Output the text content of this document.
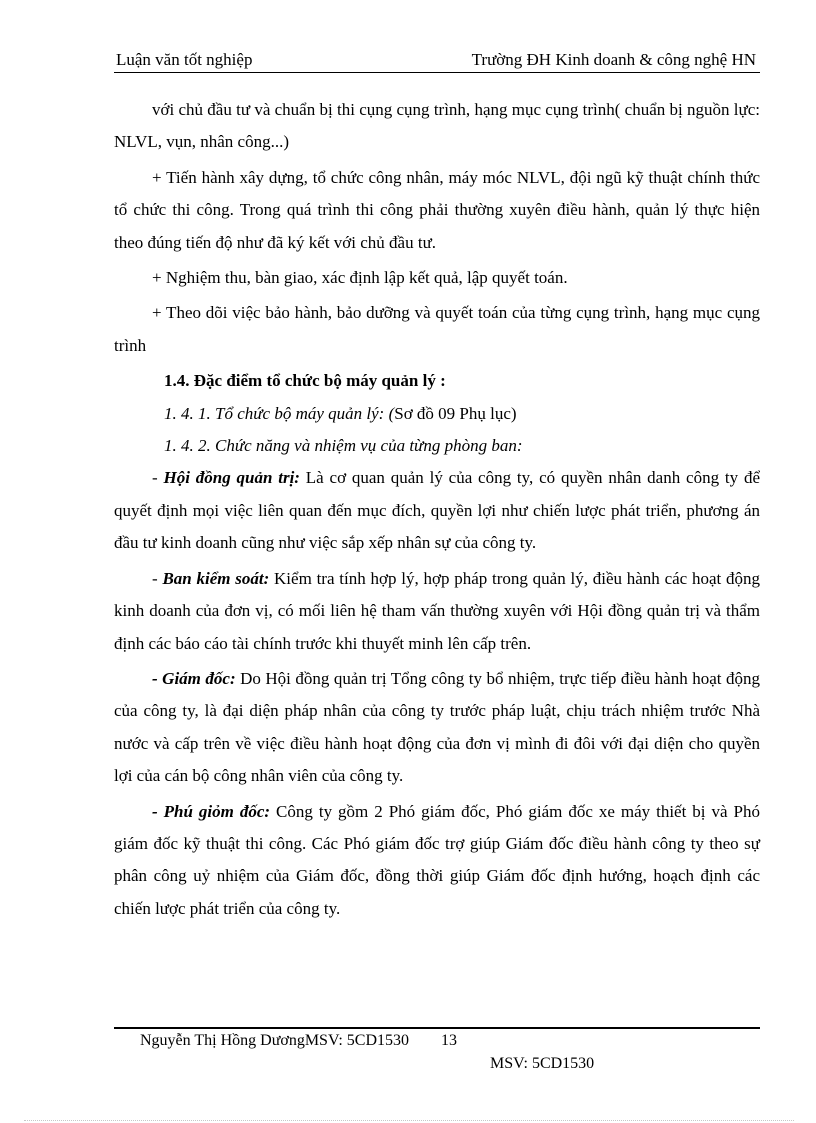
Luận văn tốt nghiệp	Trường ĐH Kinh doanh & công nghệ HN

với chủ đầu tư và chuẩn bị thi cụng cụng trình, hạng mục cụng trình( chuẩn bị nguồn lực: NLVL, vụn, nhân công...)

+ Tiến hành xây dựng, tổ chức công nhân, máy móc NLVL, đội ngũ kỹ thuật chính thức tổ chức thi công. Trong quá trình thi công phải thường xuyên điều hành, quản lý thực hiện theo đúng tiến độ như đã ký kết với chủ đầu tư.

+ Nghiệm thu, bàn giao, xác định lập kết quả, lập quyết toán.

+ Theo dõi việc bảo hành, bảo dưỡng và quyết toán của từng cụng trình, hạng mục cụng trình

1.4. Đặc điểm tổ chức bộ máy quản lý :

1. 4. 1. Tổ chức bộ máy quản lý: (Sơ đồ 09 Phụ lục)

1. 4. 2. Chức năng và nhiệm vụ của từng phòng ban:

- Hội đồng quản trị: Là cơ quan quản lý của công ty, có quyền nhân danh công ty để quyết định mọi việc liên quan đến mục đích, quyền lợi như chiến lược phát triển, phương án đầu tư kinh doanh cũng như việc sắp xếp nhân sự của công ty.

- Ban kiểm soát: Kiểm tra tính hợp lý, hợp pháp trong quản lý, điều hành các hoạt động kinh doanh của đơn vị, có mối liên hệ tham vấn thường xuyên với Hội đồng quản trị và thẩm định các báo cáo tài chính trước khi thuyết minh lên cấp trên.

- Giám đốc: Do Hội đồng quản trị Tổng công ty bổ nhiệm, trực tiếp điều hành hoạt động của công ty, là đại diện pháp nhân của công ty trước pháp luật, chịu trách nhiệm trước Nhà nước và cấp trên về việc điều hành hoạt động của đơn vị mình đi đôi với đại diện cho quyền lợi của cán bộ công nhân viên của công ty.

- Phú giỏm đốc: Công ty gồm 2 Phó giám đốc, Phó giám đốc xe máy thiết bị và Phó giám đốc kỹ thuật thi công. Các Phó giám đốc trợ giúp Giám đốc điều hành công ty theo sự phân công uỷ nhiệm của Giám đốc, đồng thời giúp Giám đốc định hướng, hoạch định các chiến lược phát triển của công ty.

Nguyễn Thị Hồng DươngMSV: 5CD1530 13
MSV: 5CD1530
